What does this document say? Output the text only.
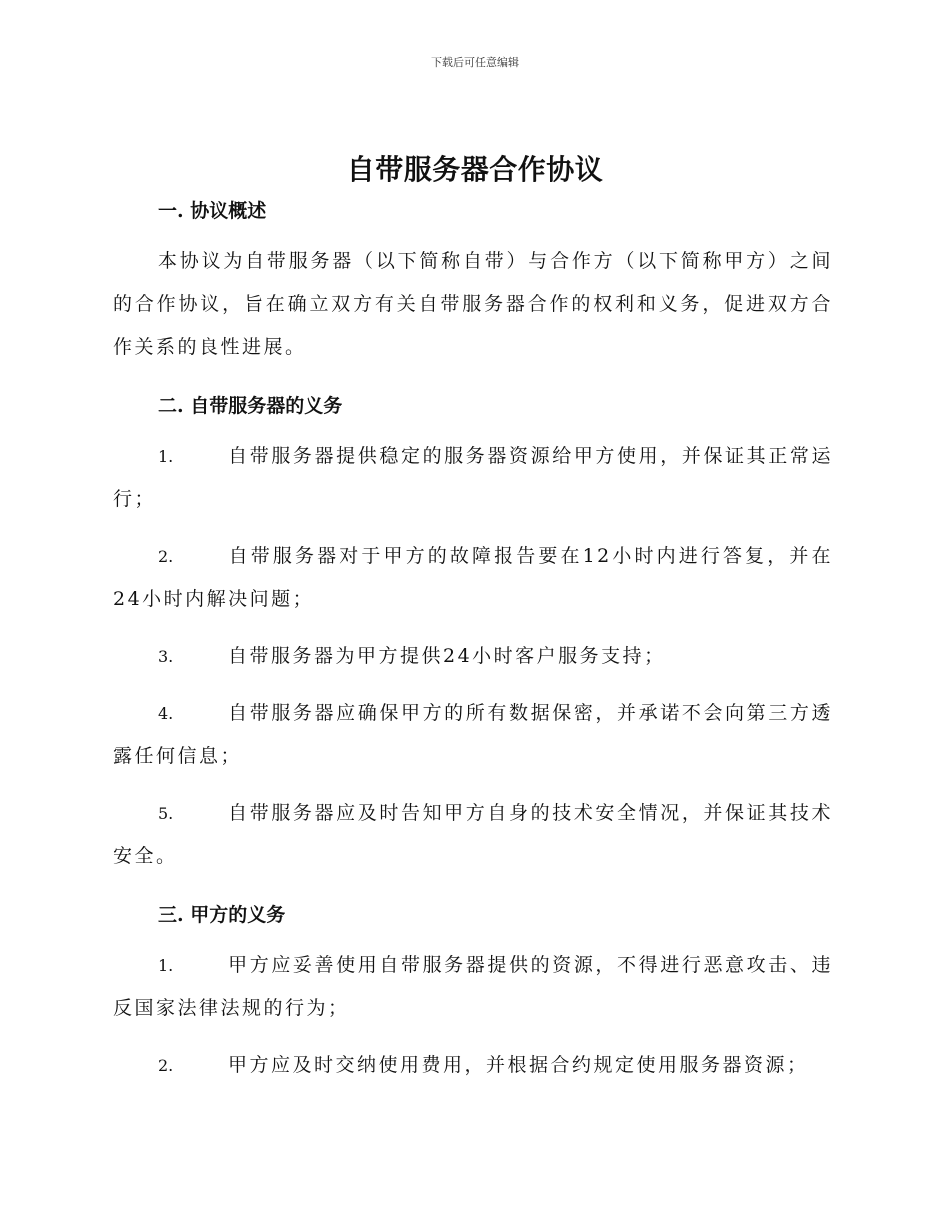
下载后可任意编辑
自带服务器合作协议

一. 协议概述

本协议为自带服务器（以下简称自带）与合作方（以下简称甲方）之间的合作协议，旨在确立双方有关自带服务器合作的权利和义务，促进双方合作关系的良性进展。

二. 自带服务器的义务

1.	自带服务器提供稳定的服务器资源给甲方使用，并保证其正常运行；

2.	自带服务器对于甲方的故障报告要在12小时内进行答复，并在24小时内解决问题；

3.	自带服务器为甲方提供24小时客户服务支持；

4.	自带服务器应确保甲方的所有数据保密，并承诺不会向第三方透露任何信息；

5.	自带服务器应及时告知甲方自身的技术安全情况，并保证其技术安全。

三. 甲方的义务

1.	甲方应妥善使用自带服务器提供的资源，不得进行恶意攻击、违反国家法律法规的行为；

2.	甲方应及时交纳使用费用，并根据合约规定使用服务器资源；
